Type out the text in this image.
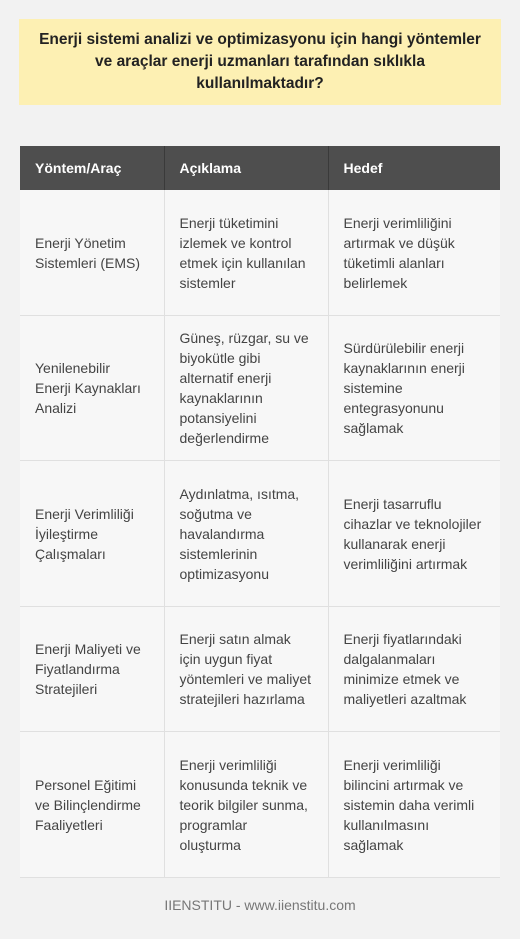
Enerji sistemi analizi ve optimizasyonu için hangi yöntemler ve araçlar enerji uzmanları tarafından sıklıkla kullanılmaktadır?
Yöntem/Araç	Açıklama	Hedef
Enerji Yönetim Sistemleri (EMS)	Enerji tüketimini izlemek ve kontrol etmek için kullanılan sistemler	Enerji verimliliğini artırmak ve düşük tüketimli alanları belirlemek
Yenilenebilir Enerji Kaynakları Analizi	Güneş, rüzgar, su ve biyokütle gibi alternatif enerji kaynaklarının potansiyelini değerlendirme	Sürdürülebilir enerji kaynaklarının enerji sistemine entegrasyonunu sağlamak
Enerji Verimliliği İyileştirme Çalışmaları	Aydınlatma, ısıtma, soğutma ve havalandırma sistemlerinin optimizasyonu	Enerji tasarruflu cihazlar ve teknolojiler kullanarak enerji verimliliğini artırmak
Enerji Maliyeti ve Fiyatlandırma Stratejileri	Enerji satın almak için uygun fiyat yöntemleri ve maliyet stratejileri hazırlama	Enerji fiyatlarındaki dalgalanmaları minimize etmek ve maliyetleri azaltmak
Personel Eğitimi ve Bilinçlendirme Faaliyetleri	Enerji verimliliği konusunda teknik ve teorik bilgiler sunma, programlar oluşturma	Enerji verimliliği bilincini artırmak ve sistemin daha verimli kullanılmasını sağlamak
IIENSTITU - www.iienstitu.com
